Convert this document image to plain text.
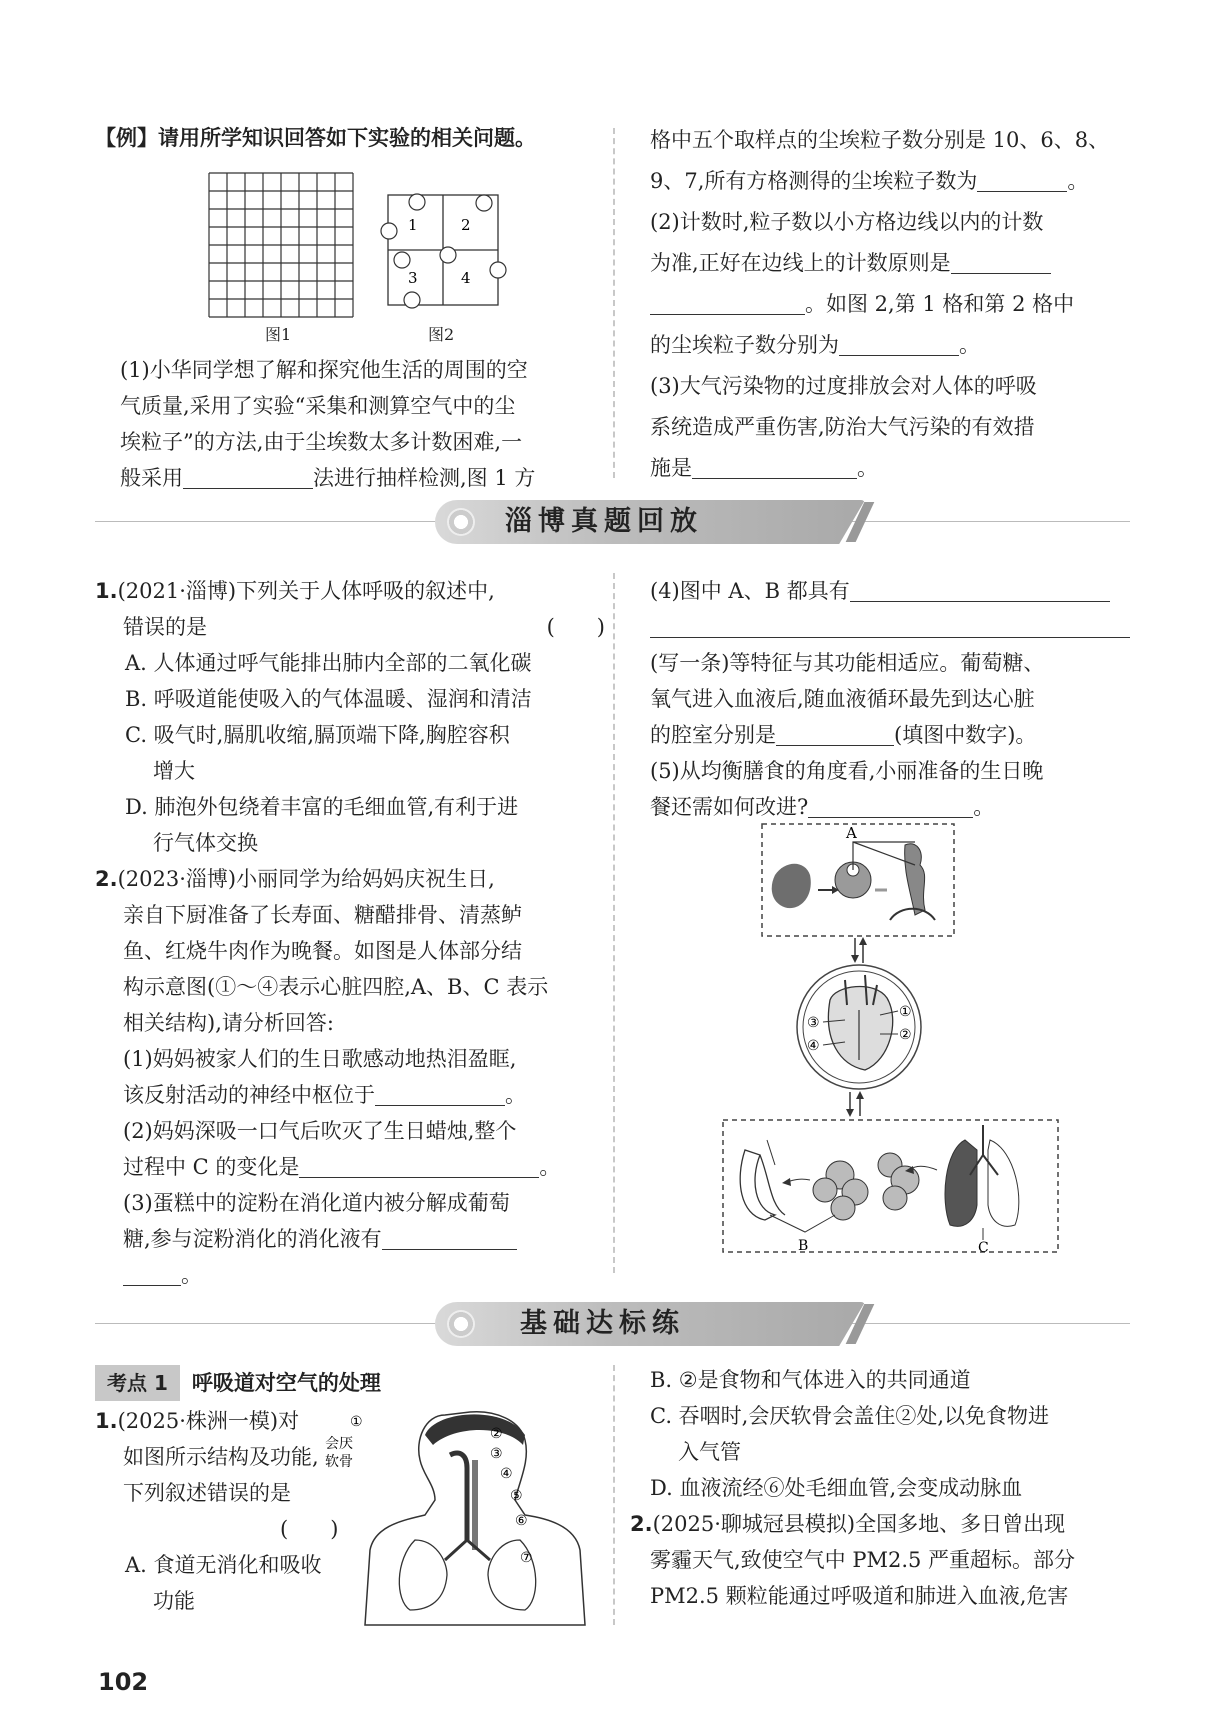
【例】请用所学知识回答如下实验的相关问题。
图1
1	2
3	4
图2
(1)小华同学想了解和探究他生活的周围的空
气质量,采用了实验“采集和测算空气中的尘
埃粒子”的方法,由于尘埃数太多计数困难,一
般采用	法进行抽样检测,图 1 方
格中五个取样点的尘埃粒子数分别是 10、6、8、
9、7,所有方格测得的尘埃粒子数为	。
(2)计数时,粒子数以小方格边线以内的计数
为准,正好在边线上的计数原则是
。如图 2,第 1 格和第 2 格中
的尘埃粒子数分别为	。
(3)大气污染物的过度排放会对人体的呼吸
系统造成严重伤害,防治大气污染的有效措
施是	。
淄博真题回放
1.(2021·淄博)下列关于人体呼吸的叙述中,
错误的是	(　　)
A. 人体通过呼气能排出肺内全部的二氧化碳
B. 呼吸道能使吸入的气体温暖、湿润和清洁
C. 吸气时,膈肌收缩,膈顶端下降,胸腔容积
增大
D. 肺泡外包绕着丰富的毛细血管,有利于进
行气体交换
2.(2023·淄博)小丽同学为给妈妈庆祝生日,
亲自下厨准备了长寿面、糖醋排骨、清蒸鲈
鱼、红烧牛肉作为晚餐。如图是人体部分结
构示意图(①～④表示心脏四腔,A、B、C 表示
相关结构),请分析回答:
(1)妈妈被家人们的生日歌感动地热泪盈眶,
该反射活动的神经中枢位于	。
(2)妈妈深吸一口气后吹灭了生日蜡烛,整个
过程中 C 的变化是	。
(3)蛋糕中的淀粉在消化道内被分解成葡萄
糖,参与淀粉消化的消化液有
。
(4)图中 A、B 都具有
(写一条)等特征与其功能相适应。葡萄糖、
氧气进入血液后,随血液循环最先到达心脏
的腔室分别是	(填图中数字)。
(5)从均衡膳食的角度看,小丽准备的生日晚
餐还需如何改进?	。
A
③
④
①
②
B	C
基础达标练
考点 1 呼吸道对空气的处理
1.(2025·株洲一模)对
如图所示结构及功能,
下列叙述错误的是
(　　)
A. 食道无消化和吸收
功能
①
②
③
④
⑤
⑥
⑦
会厌
软骨
B. ②是食物和气体进入的共同通道
C. 吞咽时,会厌软骨会盖住②处,以免食物进
入气管
D. 血液流经⑥处毛细血管,会变成动脉血
2.(2025·聊城冠县模拟)全国多地、多日曾出现
雾霾天气,致使空气中 PM2.5 严重超标。部分
PM2.5 颗粒能通过呼吸道和肺进入血液,危害
102
